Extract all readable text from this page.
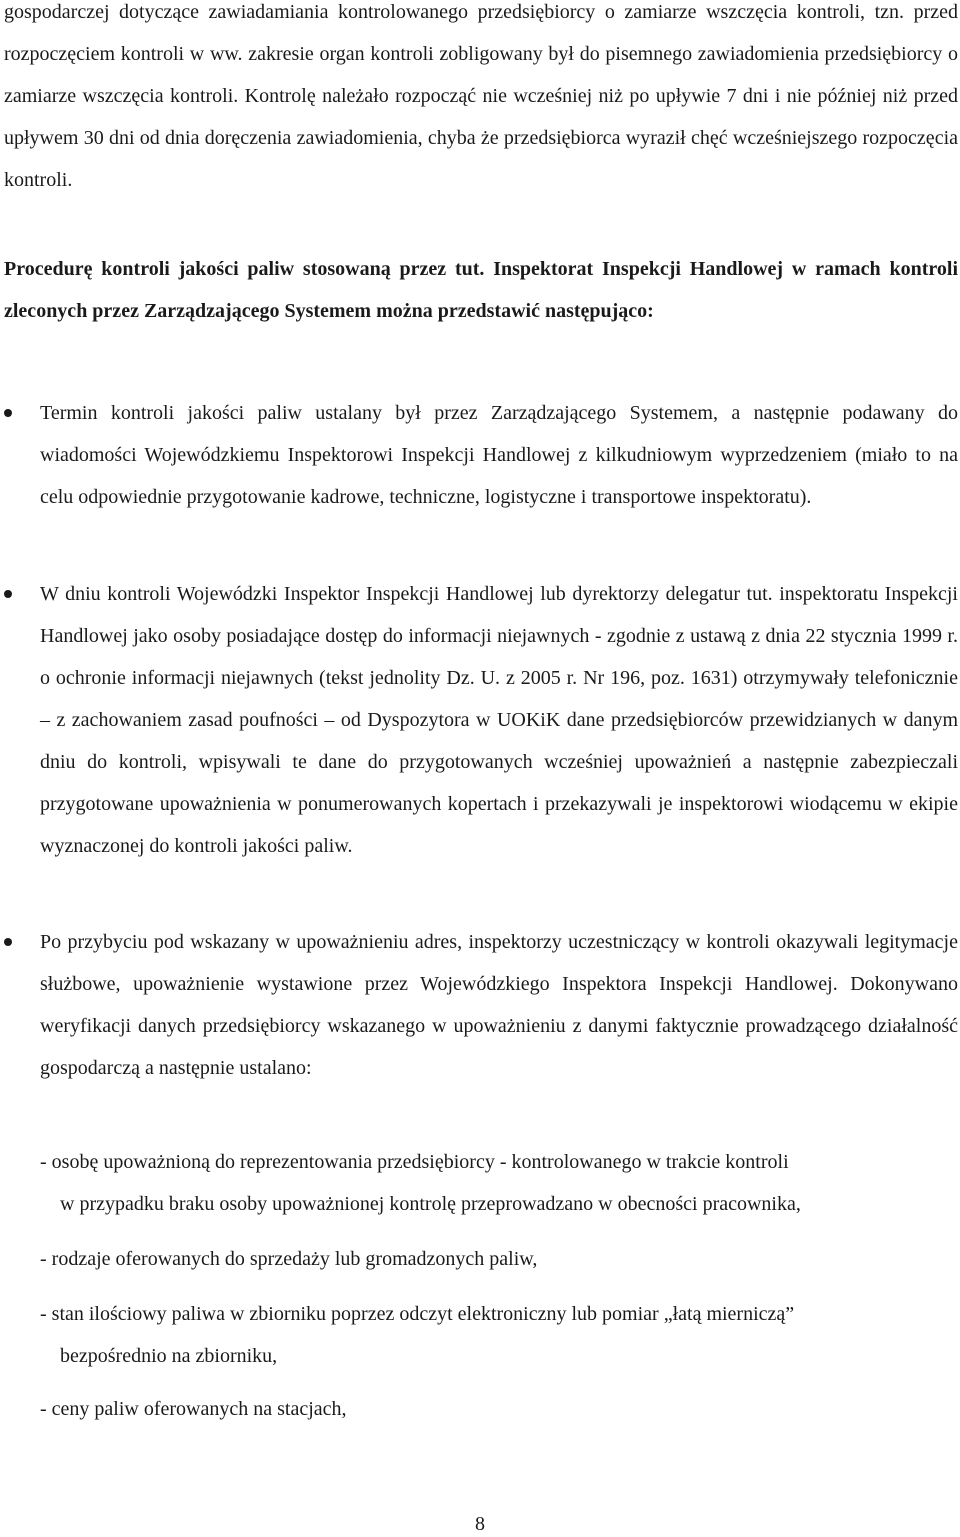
gospodarczej dotyczące zawiadamiania kontrolowanego przedsiębiorcy o zamiarze wszczęcia kontroli, tzn. przed rozpoczęciem kontroli w ww. zakresie organ kontroli zobligowany był do pisemnego zawiadomienia przedsiębiorcy o zamiarze wszczęcia kontroli. Kontrolę należało rozpocząć nie wcześniej niż po upływie 7 dni i nie później niż przed upływem 30 dni od dnia doręczenia zawiadomienia, chyba że przedsiębiorca wyraził chęć wcześniejszego rozpoczęcia kontroli.

Procedurę kontroli jakości paliw stosowaną przez tut. Inspektorat Inspekcji Handlowej w ramach kontroli zleconych przez Zarządzającego Systemem można przedstawić następująco:

Termin kontroli jakości paliw ustalany był przez Zarządzającego Systemem, a następnie podawany do wiadomości Wojewódzkiemu Inspektorowi Inspekcji Handlowej z kilkudniowym wyprzedzeniem (miało to na celu odpowiednie przygotowanie kadrowe, techniczne, logistyczne i transportowe inspektoratu).

W dniu kontroli Wojewódzki Inspektor Inspekcji Handlowej lub dyrektorzy delegatur tut. inspektoratu Inspekcji Handlowej jako osoby posiadające dostęp do informacji niejawnych - zgodnie z ustawą z dnia 22 stycznia 1999 r. o ochronie informacji niejawnych (tekst jednolity Dz. U. z 2005 r. Nr 196, poz. 1631) otrzymywały telefonicznie – z zachowaniem zasad poufności – od Dyspozytora w UOKiK dane przedsiębiorców przewidzianych w danym dniu do kontroli, wpisywali te dane do przygotowanych wcześniej upoważnień a następnie zabezpieczali przygotowane upoważnienia w ponumerowanych kopertach i przekazywali je inspektorowi wiodącemu w ekipie wyznaczonej do kontroli jakości paliw.

Po przybyciu pod wskazany w upoważnieniu adres, inspektorzy uczestniczący w kontroli okazywali legitymacje służbowe, upoważnienie wystawione przez Wojewódzkiego Inspektora Inspekcji Handlowej. Dokonywano weryfikacji danych przedsiębiorcy wskazanego w upoważnieniu z danymi faktycznie prowadzącego działalność gospodarczą a następnie ustalano:

- osobę upoważnioną do reprezentowania przedsiębiorcy - kontrolowanego w trakcie kontroli

w przypadku braku osoby upoważnionej kontrolę przeprowadzano w obecności pracownika,

- rodzaje oferowanych do sprzedaży lub gromadzonych paliw,

- stan ilościowy paliwa w zbiorniku poprzez odczyt elektroniczny lub pomiar „łatą mierniczą”

bezpośrednio na zbiorniku,

- ceny paliw oferowanych na stacjach,

8
